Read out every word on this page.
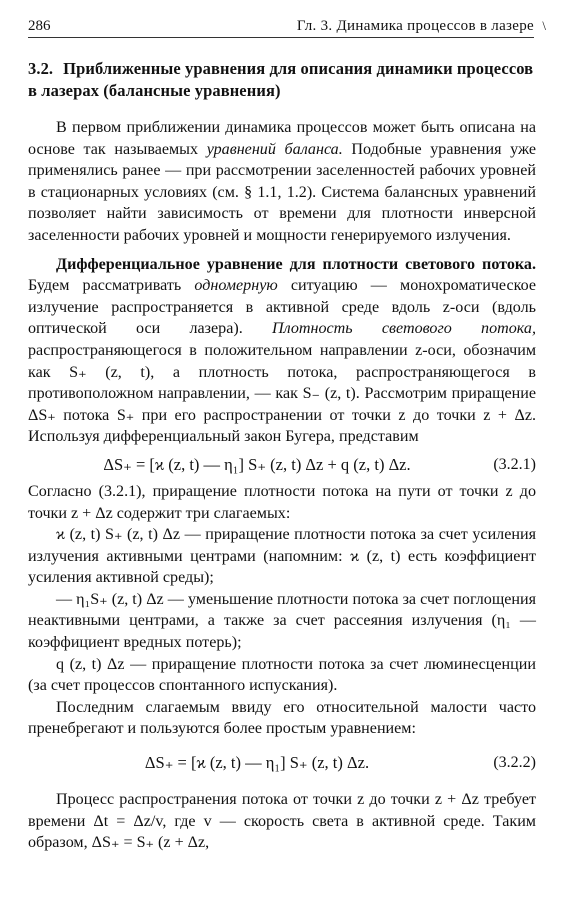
286	Гл. 3. Динамика процессов в лазере \
3.2. Приближенные уравнения для описания динамики процессов в лазерах (балансные уравнения)

В первом приближении динамика процессов может быть описана на основе так называемых уравнений баланса. Подобные уравнения уже применялись ранее — при рассмотрении заселенностей рабочих уровней в стационарных условиях (см. § 1.1, 1.2). Система балансных уравнений позволяет найти зависимость от времени для плотности инверсной заселенности рабочих уровней и мощности генерируемого излучения.

Дифференциальное уравнение для плотности светового потока. Будем рассматривать одномерную ситуацию — монохроматическое излучение распространяется в активной среде вдоль z-оси (вдоль оптической оси лазера). Плотность светового потока, распространяющегося в положительном направлении z-оси, обозначим как S₊ (z, t), а плотность потока, распространяющегося в противоположном направлении, — как S₋ (z, t). Рассмотрим приращение ΔS₊ потока S₊ при его распространении от точки z до точки z + Δz. Используя дифференциальный закон Бугера, представим

ΔS₊ = [ϰ (z, t) — η₁] S₊ (z, t) Δz + q (z, t) Δz.	(3.2.1)

Согласно (3.2.1), приращение плотности потока на пути от точки z до точки z + Δz содержит три слагаемых:

ϰ (z, t) S₊ (z, t) Δz — приращение плотности потока за счет усиления излучения активными центрами (напомним: ϰ (z, t) есть коэффициент усиления активной среды);

— η₁S₊ (z, t) Δz — уменьшение плотности потока за счет поглощения неактивными центрами, а также за счет рассеяния излучения (η₁ — коэффициент вредных потерь);

q (z, t) Δz — приращение плотности потока за счет люминесценции (за счет процессов спонтанного испускания).

Последним слагаемым ввиду его относительной малости часто пренебрегают и пользуются более простым уравнением:

ΔS₊ = [ϰ (z, t) — η₁] S₊ (z, t) Δz.	(3.2.2)

Процесс распространения потока от точки z до точки z + Δz требует времени Δt = Δz/v, где v — скорость света в активной среде. Таким образом, ΔS₊ = S₊ (z + Δz,
